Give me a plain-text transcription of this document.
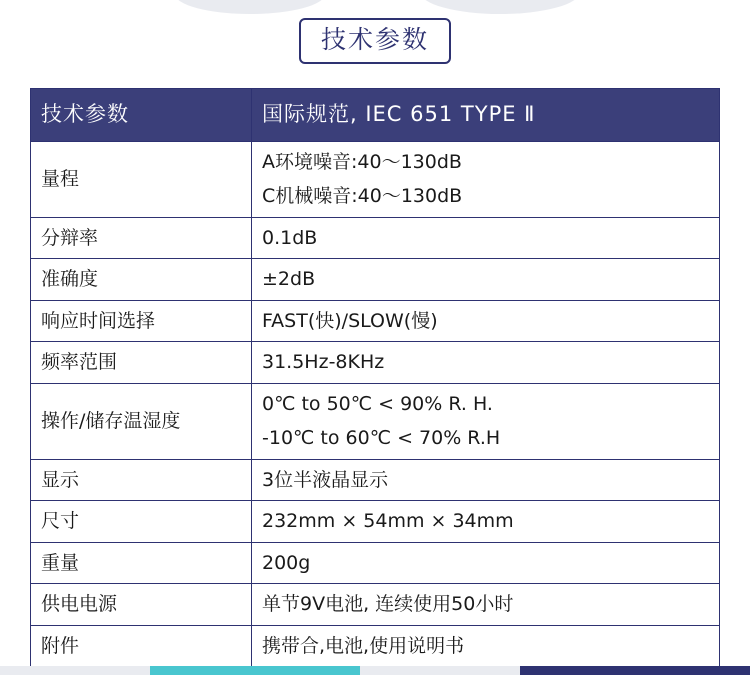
技术参数
技术参数	国际规范, IEC 651 TYPE Ⅱ
量程	A环境噪音:40～130dB
C机械噪音:40～130dB

分辩率	0.1dB

准确度	±2dB

响应时间选择	FAST(快)/SLOW(慢)

频率范围	31.5Hz-8KHz

操作/储存温湿度	0℃ to 50℃ < 90% R. H.
-10℃ to 60℃ < 70% R.H

显示	3位半液晶显示

尺寸	232mm × 54mm × 34mm

重量	200g

供电电源	单节9V电池, 连续使用50小时

附件	携带合,电池,使用说明书
